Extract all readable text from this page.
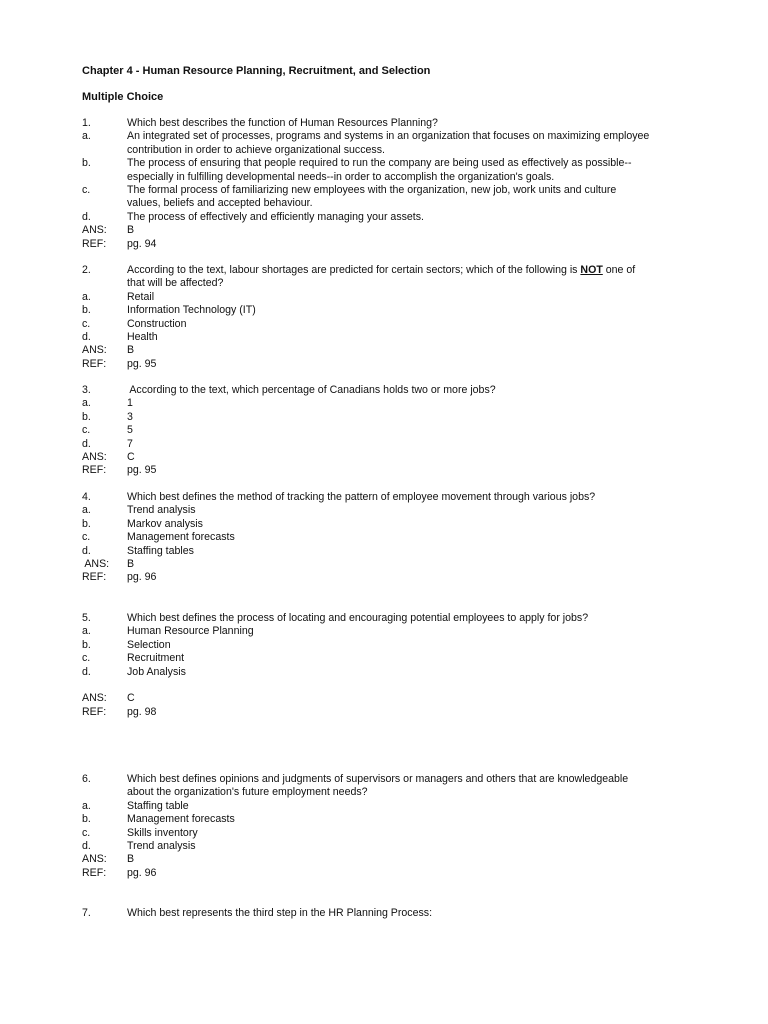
Chapter 4 - Human Resource Planning, Recruitment, and Selection
Multiple Choice
1.	Which best describes the function of Human Resources Planning?
a.	An integrated set of processes, programs and systems in an organization that focuses on maximizing employee
contribution in order to achieve organizational success.
b.	The process of ensuring that people required to run the company are being used as effectively as possible--
especially in fulfilling developmental needs--in order to accomplish the organization's goals.
c.	The formal process of familiarizing new employees with the organization, new job, work units and culture
values, beliefs and accepted behaviour.
d.	The process of effectively and efficiently managing your assets.
ANS:	B
REF:	pg. 94
2.	According to the text, labour shortages are predicted for certain sectors; which of the following is NOT one of
that will be affected?
a.	Retail
b.	Information Technology (IT)
c.	Construction
d.	Health
ANS:	B
REF:	pg. 95
3.	According to the text, which percentage of Canadians holds two or more jobs?
a.	1
b.	3
c.	5
d.	7
ANS:	C
REF:	pg. 95
4.	Which best defines the method of tracking the pattern of employee movement through various jobs?
a.	Trend analysis
b.	Markov analysis
c.	Management forecasts
d.	Staffing tables
ANS:	B
REF:	pg. 96
5.	Which best defines the process of locating and encouraging potential employees to apply for jobs?
a.	Human Resource Planning
b.	Selection
c.	Recruitment
d.	Job Analysis
ANS:	C
REF:	pg. 98
6.	Which best defines opinions and judgments of supervisors or managers and others that are knowledgeable
about the organization's future employment needs?
a.	Staffing table
b.	Management forecasts
c.	Skills inventory
d.	Trend analysis
ANS:	B
REF:	pg. 96
7.	Which best represents the third step in the HR Planning Process:
